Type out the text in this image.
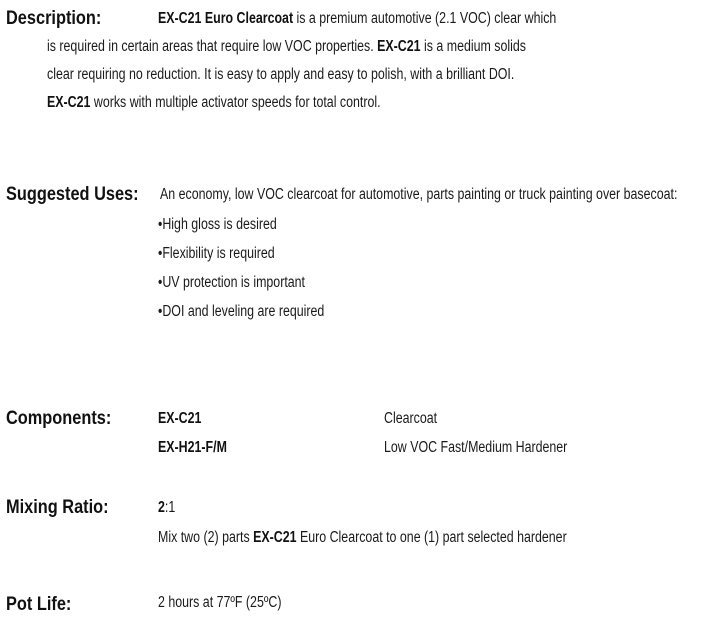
Description:	EX-C21 Euro Clearcoat is a premium automotive (2.1 VOC) clear which
is required in certain areas that require low VOC properties. EX-C21 is a medium solids
clear requiring no reduction. It is easy to apply and easy to polish, with a brilliant DOI.
EX-C21 works with multiple activator speeds for total control.
Suggested Uses:	An economy, low VOC clearcoat for automotive, parts painting or truck painting over basecoat:
•High gloss is desired
•Flexibility is required
•UV protection is important
•DOI and leveling are required
Components:	EX-C21	Clearcoat
EX-H21-F/M	Low VOC Fast/Medium Hardener
Mixing Ratio:	2:1
Mix two (2) parts EX-C21 Euro Clearcoat to one (1) part selected hardener
Pot Life:	2 hours at 77ºF (25ºC)
